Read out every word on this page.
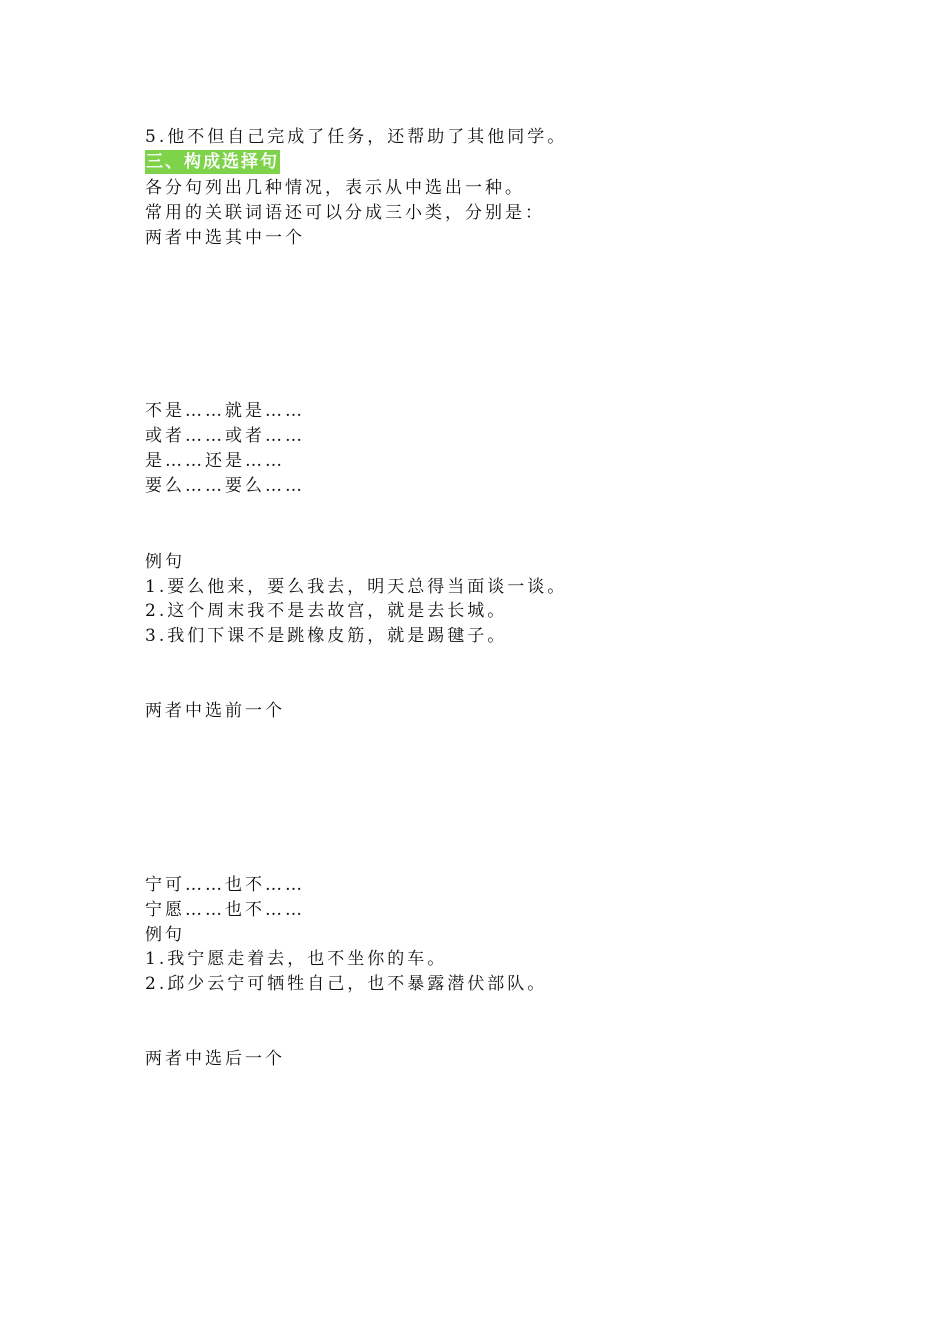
5.他不但自己完成了任务，还帮助了其他同学。
三、构成选择句
各分句列出几种情况，表示从中选出一种。
常用的关联词语还可以分成三小类，分别是：
两者中选其中一个
不是……就是……
或者……或者……
是……还是……
要么……要么……
例句
1.要么他来，要么我去，明天总得当面谈一谈。
2.这个周末我不是去故宫，就是去长城。
3.我们下课不是跳橡皮筋，就是踢毽子。
两者中选前一个
宁可……也不……
宁愿……也不……
例句
1.我宁愿走着去，也不坐你的车。
2.邱少云宁可牺牲自己，也不暴露潜伏部队。
两者中选后一个
